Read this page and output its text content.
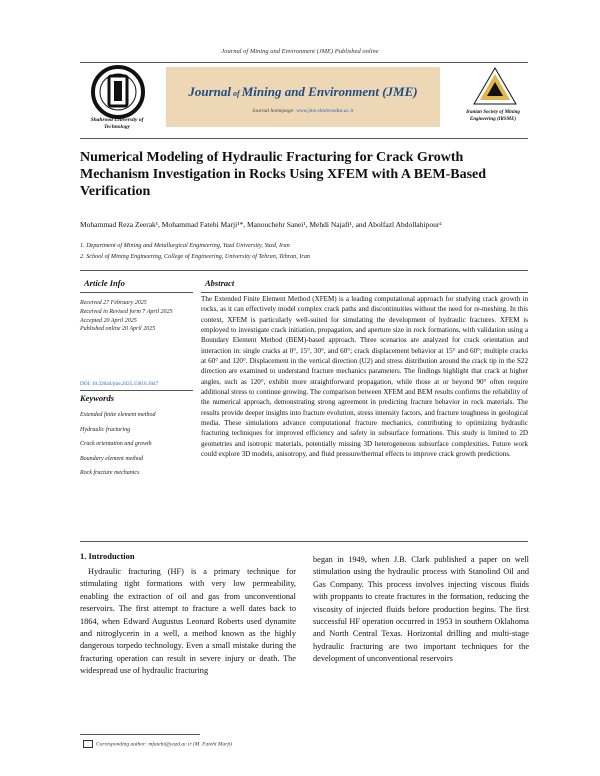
Journal of Mining and Environment (JME) Published online
Shahrood University of Technology
Journal of Mining and Environment (JME)
Journal homepage: www.jme.shahroodut.ac.ir	Iranian Society of Mining Engineering (IRSME)
Numerical Modeling of Hydraulic Fracturing for Crack Growth Mechanism Investigation in Rocks Using XFEM with A BEM-Based Verification
Mohammad Reza Zeerak¹, Mohammad Fatehi Marji¹*, Manouchehr Sanei¹, Mehdi Najafi¹, and Abolfazl Abdollahipour²
1. Department of Mining and Metallurgical Engineering, Yazd University, Yazd, Iran
2. School of Mining Engineering, College of Engineering, University of Tehran, Tehran, Iran
Article Info
Received 27 February 2025
Received in Revised form 7 April 2025
Accepted 20 April 2025
Published online 20 April 2025
DOI: 10.22044/jme.2025.15816.3047
Keywords
Extended finite element method
Hydraulic fracturing
Crack orientation and growth
Boundary element method
Rock fracture mechanics
Abstract
The Extended Finite Element Method (XFEM) is a leading computational approach for studying crack growth in rocks, as it can effectively model complex crack paths and discontinuities without the need for re-meshing. In this context, XFEM is particularly well-suited for simulating the development of hydraulic fractures. XFEM is employed to investigate crack initiation, propagation, and aperture size in rock formations, with validation using a Boundary Element Method (BEM)-based approach. Three scenarios are analyzed for crack orientation and interaction in: single cracks at 0°, 15°, 30°, and 60°; crack displacement behavior at 15° and 60°; multiple cracks at 60° and 120°. Displacement in the vertical direction (U2) and stress distribution around the crack tip in the S22 direction are examined to understand fracture mechanics parameters. The findings highlight that crack at higher angles, such as 120°, exhibit more straightforward propagation, while those at or beyond 90° often require additional stress to continue growing. The comparison between XFEM and BEM results confirms the reliability of the numerical approach, demonstrating strong agreement in predicting fracture behavior in rock materials. The results provide deeper insights into fracture evolution, stress intensity factors, and fracture toughness in geological media. These simulations advance computational fracture mechanics, contributing to optimizing hydraulic fracturing techniques for improved efficiency and safety in subsurface formations. This study is limited to 2D geometries and isotropic materials, potentially missing 3D heterogeneous subsurface complexities. Future work could explore 3D models, anisotropy, and fluid pressure/thermal effects to improve crack growth predictions.
1. Introduction
Hydraulic fracturing (HF) is a primary technique for stimulating tight formations with very low permeability, enabling the extraction of oil and gas from unconventional reservoirs. The first attempt to fracture a well dates back to 1864, when Edward Augustus Leonard Roberts used dynamite and nitroglycerin in a well, a method known as the highly dangerous torpedo technology. Even a small mistake during the fracturing operation can result in severe injury or death. The widespread use of hydraulic fracturing
began in 1949, when J.B. Clark published a paper on well stimulation using the hydraulic process with Stanolind Oil and Gas Company. This process involves injecting viscous fluids with proppants to create fractures in the formation, reducing the viscosity of injected fluids before production begins. The first successful HF operation occurred in 1953 in southern Oklahoma and North Central Texas. Horizontal drilling and multi-stage hydraulic fracturing are two important techniques for the development of unconventional reservoirs
Corresponding author: mfatehi@yazd.ac.ir (M. Fatehi Marji)
